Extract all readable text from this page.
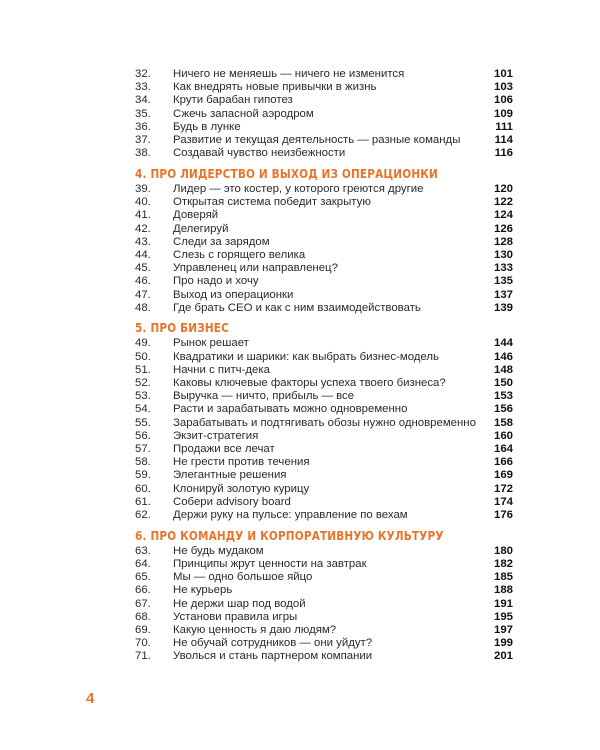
32.	Ничего не меняешь — ничего не изменится	101
33.	Как внедрять новые привычки в жизнь	103
34.	Крути барабан гипотез	106
35.	Сжечь запасной аэродром	109
36.	Будь в лунке	111
37.	Развитие и текущая деятельность — разные команды	114
38.	Создавай чувство неизбежности	116
4. ПРО ЛИДЕРСТВО И ВЫХОД ИЗ ОПЕРАЦИОНКИ
39.	Лидер — это костер, у которого греются другие	120
40.	Открытая система победит закрытую	122
41.	Доверяй	124
42.	Делегируй	126
43.	Следи за зарядом	128
44.	Слезь с горящего велика	130
45.	Управленец или направленец?	133
46.	Про надо и хочу	135
47.	Выход из операционки	137
48.	Где брать CEO и как с ним взаимодействовать	139
5. ПРО БИЗНЕС
49.	Рынок решает	144
50.	Квадратики и шарики: как выбрать бизнес-модель	146
51.	Начни с питч-дека	148
52.	Каковы ключевые факторы успеха твоего бизнеса?	150
53.	Выручка — ничто, прибыль — все	153
54.	Расти и зарабатывать можно одновременно	156
55.	Зарабатывать и подтягивать обозы нужно одновременно	158
56.	Экзит-стратегия	160
57.	Продажи все лечат	164
58.	Не грести против течения	166
59.	Элегантные решения	169
60.	Клонируй золотую курицу	172
61.	Собери advisory board	174
62.	Держи руку на пульсе: управление по вехам	176
6. ПРО КОМАНДУ И КОРПОРАТИВНУЮ КУЛЬТУРУ
63.	Не будь мудаком	180
64.	Принципы жрут ценности на завтрак	182
65.	Мы — одно большое яйцо	185
66.	Не курьерь	188
67.	Не держи шар под водой	191
68.	Установи правила игры	195
69.	Какую ценность я даю людям?	197
70.	Не обучай сотрудников — они уйдут?	199
71.	Уволься и стань партнером компании	201
4
